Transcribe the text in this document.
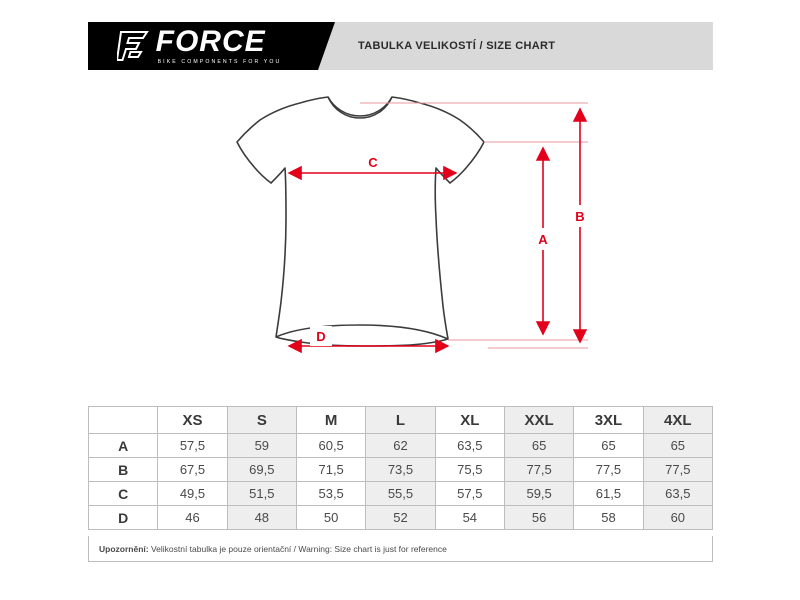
FORCE
BIKE COMPONENTS FOR YOU
TABULKA VELIKOSTÍ / SIZE CHART
A
B
C
D
	XS	S	M	L	XL	XXL	3XL	4XL
A	57,5	59	60,5	62	63,5	65	65	65
B	67,5	69,5	71,5	73,5	75,5	77,5	77,5	77,5
C	49,5	51,5	53,5	55,5	57,5	59,5	61,5	63,5
D	46	48	50	52	54	56	58	60
Upozornění: Velikostní tabulka je pouze orientační / Warning: Size chart is just for reference
